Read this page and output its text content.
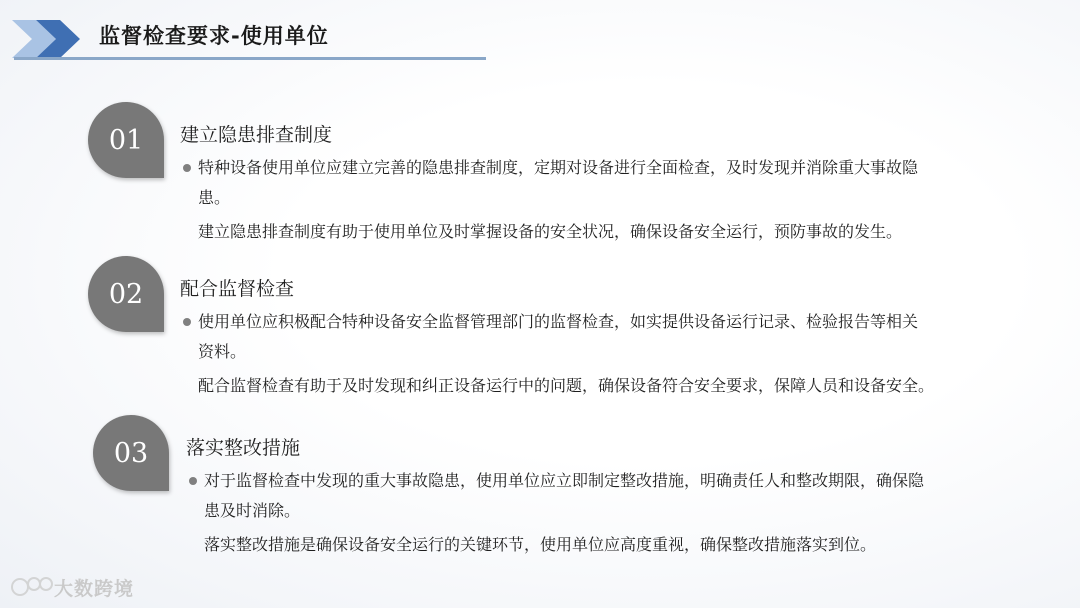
监督检查要求-使用单位
01	建立隐患排查制度
特种设备使用单位应建立完善的隐患排查制度，定期对设备进行全面检查，及时发现并消除重大事故隐
患。
建立隐患排查制度有助于使用单位及时掌握设备的安全状况，确保设备安全运行，预防事故的发生。
02	配合监督检查
使用单位应积极配合特种设备安全监督管理部门的监督检查，如实提供设备运行记录、检验报告等相关
资料。
配合监督检查有助于及时发现和纠正设备运行中的问题，确保设备符合安全要求，保障人员和设备安全。
03	落实整改措施
对于监督检查中发现的重大事故隐患，使用单位应立即制定整改措施，明确责任人和整改期限，确保隐
患及时消除。
落实整改措施是确保设备安全运行的关键环节，使用单位应高度重视，确保整改措施落实到位。
大数跨境
